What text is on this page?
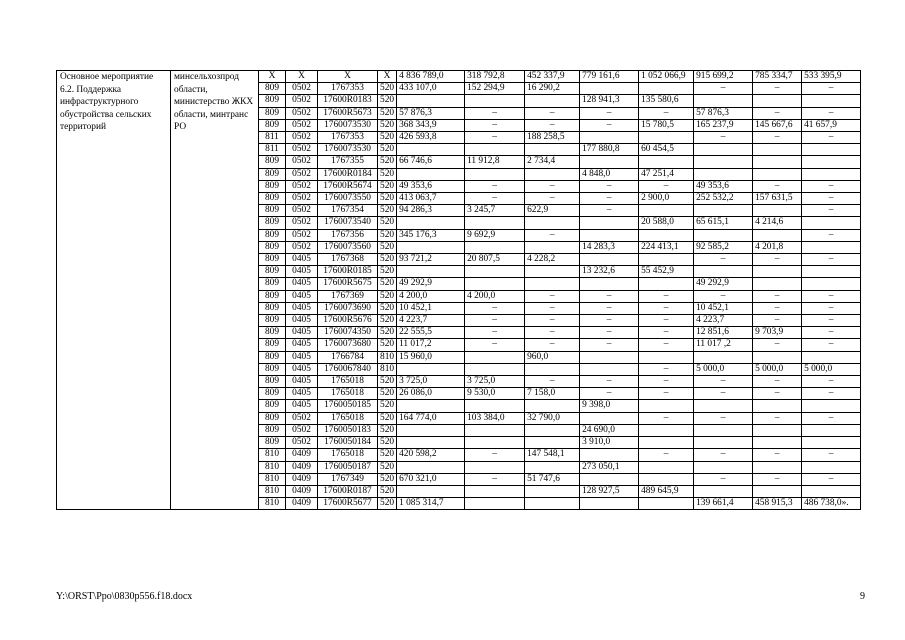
Основное мероприятие 6.2. Поддержка инфраструктурного обустройства сельских территорий	минсельхозпрод области, министерство ЖКХ области, минтранс РО	X	X	X	X	4 836 789,0	318 792,8	452 337,9	779 161,6	1 052 066,9	915 699,2	785 334,7	533 395,9
		809	0502	1767353	520	433 107,0	152 294,9	16 290,2			–	–	–
		809	0502	17600R0183	520				128 941,3	135 580,6			
		809	0502	17600R5673	520	57 876,3	–	–	–	–	57 876,3	–	–
		809	0502	1760073530	520	368 343,9	–	–	–	15 780,5	165 237,9	145 667,6	41 657,9
		811	0502	1767353	520	426 593,8	–	188 258,5			–	–	–
		811	0502	1760073530	520				177 880,8	60 454,5			
		809	0502	1767355	520	66 746,6	11 912,8	2 734,4					
		809	0502	17600R0184	520				4 848,0	47 251,4			
		809	0502	17600R5674	520	49 353,6	–	–	–	–	49 353,6	–	–
		809	0502	1760073550	520	413 063,7	–	–	–	2 900,0	252 532,2	157 631,5	–
		809	0502	1767354	520	94 286,3	3 245,7	622,9	–				–
		809	0502	1760073540	520					20 588,0	65 615,1	4 214,6	
		809	0502	1767356	520	345 176,3	9 692,9	–					–
		809	0502	1760073560	520				14 283,3	224 413,1	92 585,2	4 201,8	
		809	0405	1767368	520	93 721,2	20 807,5	4 228,2			–	–	–
		809	0405	17600R0185	520				13 232,6	55 452,9			
		809	0405	17600R5675	520	49 292,9					49 292,9		
		809	0405	1767369	520	4 200,0	4 200,0	–	–	–	–	–	–
		809	0405	1760073690	520	10 452,1	–	–	–	–	10 452,1	–	–
		809	0405	17600R5676	520	4 223,7	–	–	–	–	4 223,7	–	–
		809	0405	1760074350	520	22 555,5	–	–	–	–	12 851,6	9 703,9	–
		809	0405	1760073680	520	11 017,2	–	–	–	–	11 017 ,2	–	–
		809	0405	1766784	810	15 960,0		960,0					
		809	0405	1760067840	810					–	5 000,0	5 000,0	5 000,0
		809	0405	1765018	520	3 725,0	3 725,0	–	–	–	–	–	–
		809	0405	1765018	520	26 086,0	9 530,0	7 158,0	–	–	–	–	–
		809	0405	1760050185	520				9 398,0				
		809	0502	1765018	520	164 774,0	103 384,0	32 790,0		–	–	–	–
		809	0502	1760050183	520				24 690,0				
		809	0502	1760050184	520				3 910,0				
		810	0409	1765018	520	420 598,2	–	147 548,1		–	–	–	–
		810	0409	1760050187	520				273 050,1				
		810	0409	1767349	520	670 321,0	–	51 747,6			–	–	–
		810	0409	17600R0187	520				128 927,5	489 645,9			
		810	0409	17600R5677	520	1 085 314,7					139 661,4	458 915,3	486 738,0».
Y:\ORST\Ppo\0830p556.f18.docx	9
